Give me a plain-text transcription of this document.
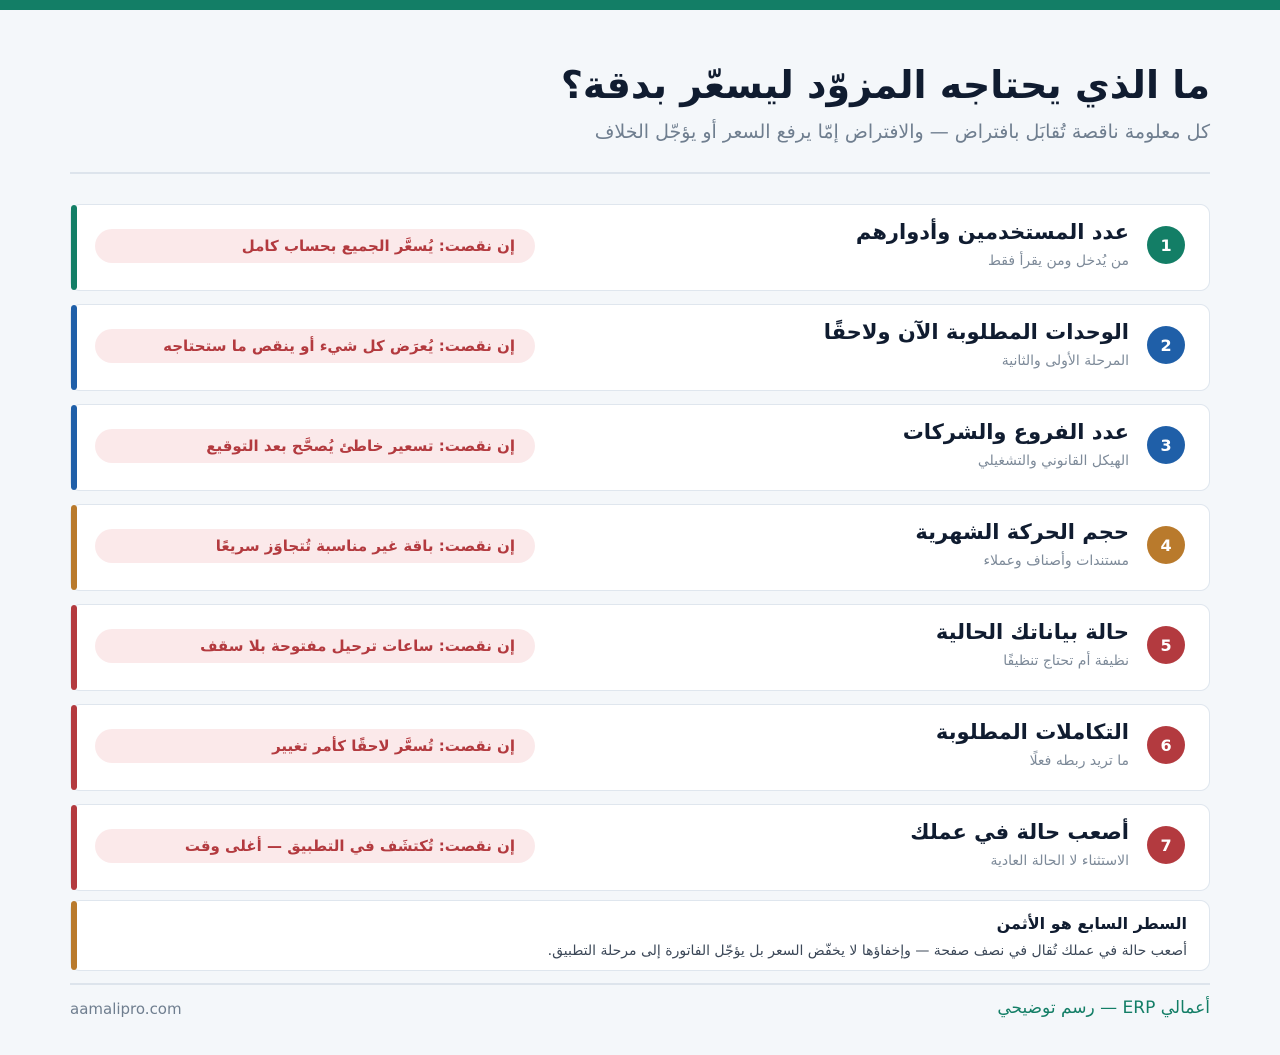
ما الذي يحتاجه المزوّد ليسعّر بدقة؟

كل معلومة ناقصة تُقابَل بافتراض — والافتراض إمّا يرفع السعر أو يؤجّل الخلاف

1
عدد المستخدمين وأدوارهم
من يُدخل ومن يقرأ فقط
إن نقصت: يُسعَّر الجميع بحساب كامل
2
الوحدات المطلوبة الآن ولاحقًا
المرحلة الأولى والثانية
إن نقصت: يُعرَض كل شيء أو ينقص ما ستحتاجه
3
عدد الفروع والشركات
الهيكل القانوني والتشغيلي
إن نقصت: تسعير خاطئ يُصحَّح بعد التوقيع
4
حجم الحركة الشهرية
مستندات وأصناف وعملاء
إن نقصت: باقة غير مناسبة تُتجاوَز سريعًا
5
حالة بياناتك الحالية
نظيفة أم تحتاج تنظيفًا
إن نقصت: ساعات ترحيل مفتوحة بلا سقف
6
التكاملات المطلوبة
ما تريد ربطه فعلًا
إن نقصت: تُسعَّر لاحقًا كأمر تغيير
7
أصعب حالة في عملك
الاستثناء لا الحالة العادية
إن نقصت: تُكتشَف في التطبيق — أغلى وقت
السطر السابع هو الأثمن
أصعب حالة في عملك تُقال في نصف صفحة — وإخفاؤها لا يخفّض السعر بل يؤجّل الفاتورة إلى مرحلة التطبيق.
أعمالي ERP — رسم توضيحي
aamalipro.com
